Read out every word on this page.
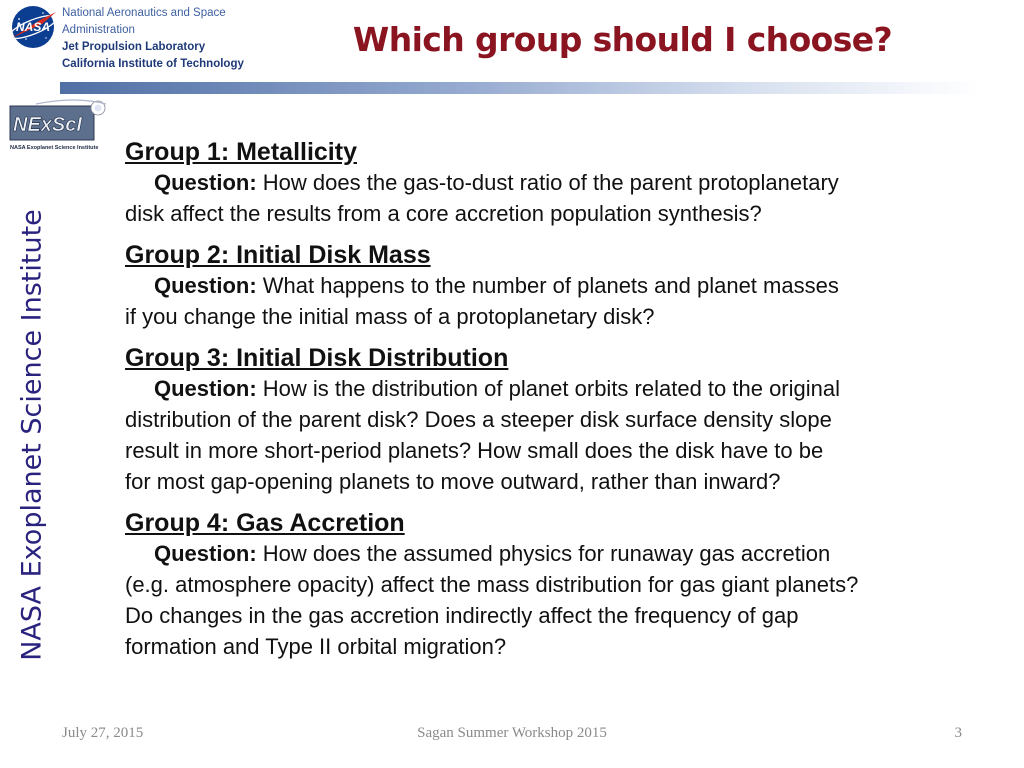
NASA
National Aeronautics and Space
Administration
Jet Propulsion Laboratory
California Institute of Technology
Which group should I choose?
NExScI
NASA Exoplanet Science Institute
NASA Exoplanet Science Institute
Group 1: Metallicity
Question: How does the gas-to-dust ratio of the parent protoplanetary
disk affect the results from a core accretion population synthesis?
Group 2: Initial Disk Mass
Question: What happens to the number of planets and planet masses
if you change the initial mass of a protoplanetary disk?
Group 3: Initial Disk Distribution
Question: How is the distribution of planet orbits related to the original
distribution of the parent disk? Does a steeper disk surface density slope
result in more short-period planets? How small does the disk have to be
for most gap-opening planets to move outward, rather than inward?
Group 4: Gas Accretion
Question: How does the assumed physics for runaway gas accretion
(e.g. atmosphere opacity) affect the mass distribution for gas giant planets?
Do changes in the gas accretion indirectly affect the frequency of gap
formation and Type II orbital migration?
July 27, 2015	Sagan Summer Workshop 2015	3
